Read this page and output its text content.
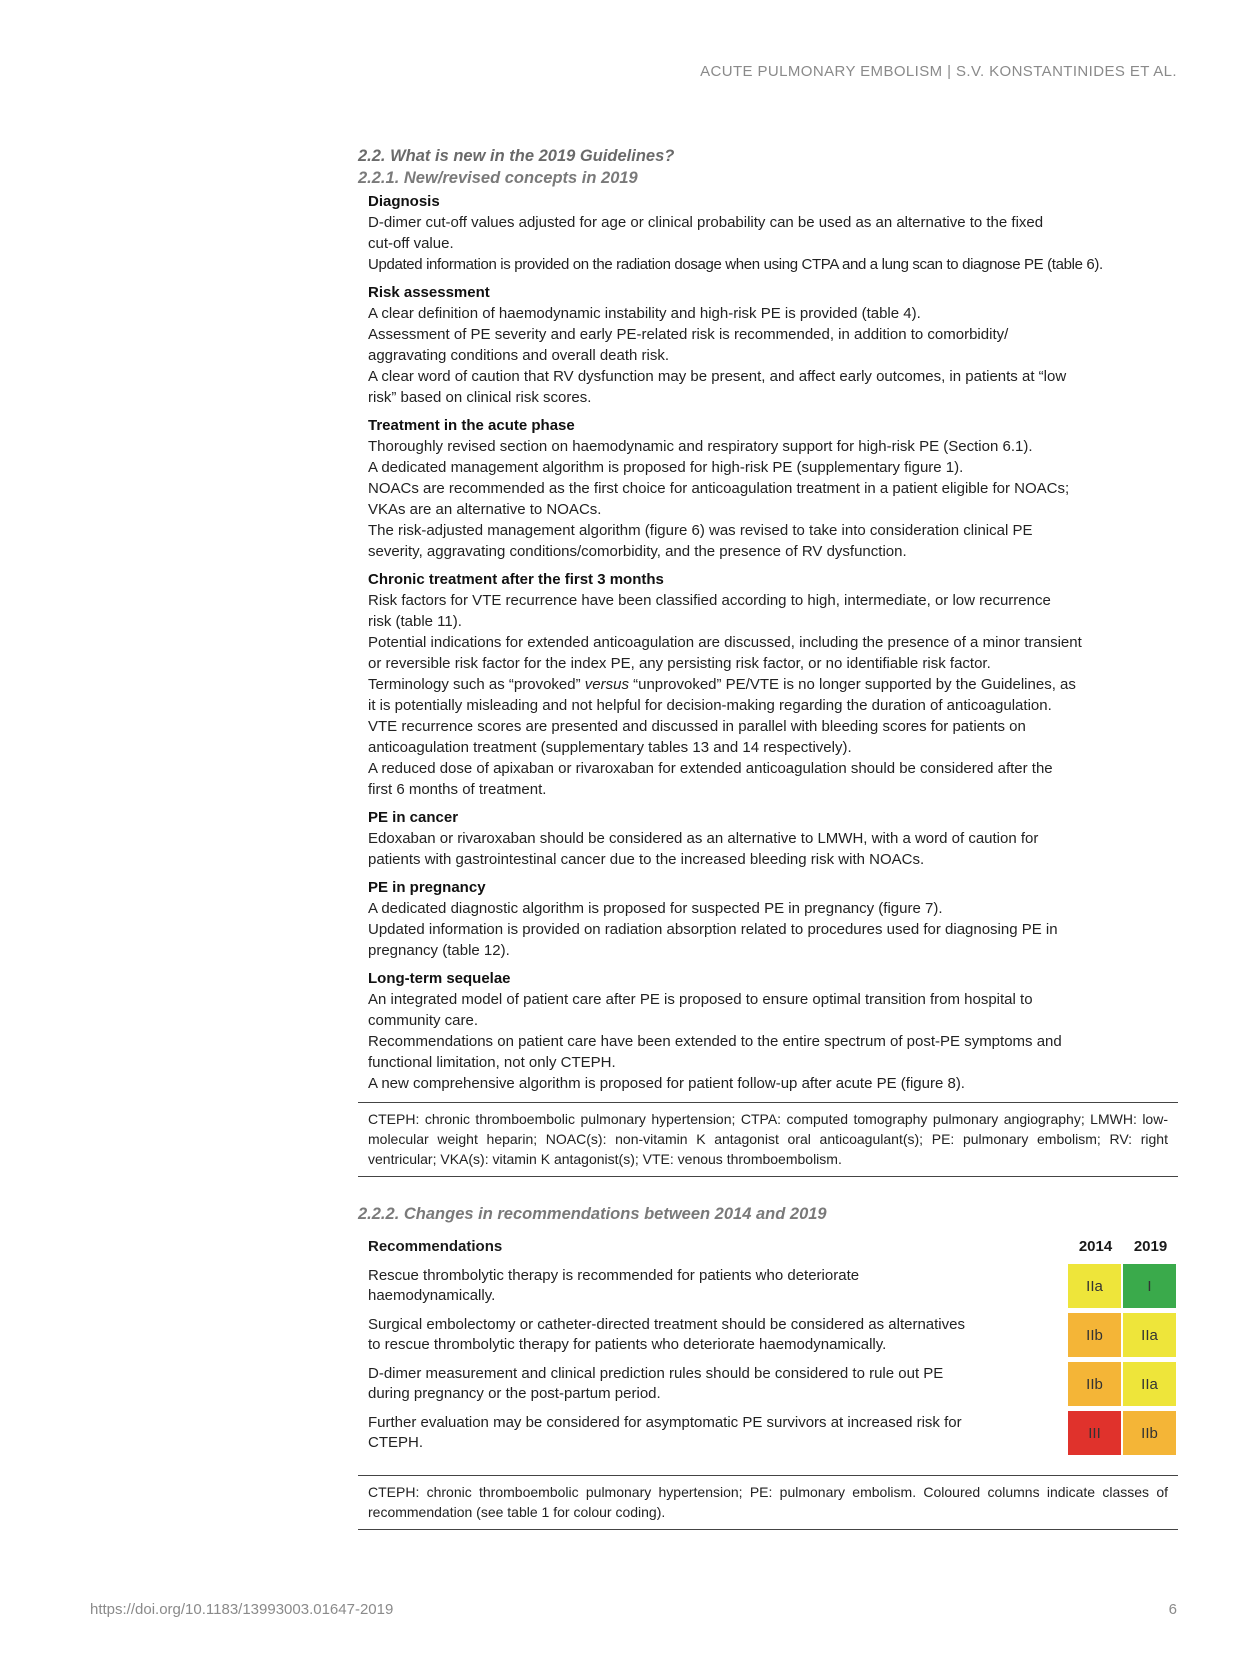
ACUTE PULMONARY EMBOLISM | S.V. KONSTANTINIDES ET AL.
2.2. What is new in the 2019 Guidelines?
2.2.1. New/revised concepts in 2019
Diagnosis
D-dimer cut-off values adjusted for age or clinical probability can be used as an alternative to the fixed
cut-off value.
Updated information is provided on the radiation dosage when using CTPA and a lung scan to diagnose PE (table 6).
Risk assessment
A clear definition of haemodynamic instability and high-risk PE is provided (table 4).
Assessment of PE severity and early PE-related risk is recommended, in addition to comorbidity/
aggravating conditions and overall death risk.
A clear word of caution that RV dysfunction may be present, and affect early outcomes, in patients at “low
risk” based on clinical risk scores.
Treatment in the acute phase
Thoroughly revised section on haemodynamic and respiratory support for high-risk PE (Section 6.1).
A dedicated management algorithm is proposed for high-risk PE (supplementary figure 1).
NOACs are recommended as the first choice for anticoagulation treatment in a patient eligible for NOACs;
VKAs are an alternative to NOACs.
The risk-adjusted management algorithm (figure 6) was revised to take into consideration clinical PE
severity, aggravating conditions/comorbidity, and the presence of RV dysfunction.
Chronic treatment after the first 3 months
Risk factors for VTE recurrence have been classified according to high, intermediate, or low recurrence
risk (table 11).
Potential indications for extended anticoagulation are discussed, including the presence of a minor transient
or reversible risk factor for the index PE, any persisting risk factor, or no identifiable risk factor.
Terminology such as “provoked” versus “unprovoked” PE/VTE is no longer supported by the Guidelines, as
it is potentially misleading and not helpful for decision-making regarding the duration of anticoagulation.
VTE recurrence scores are presented and discussed in parallel with bleeding scores for patients on
anticoagulation treatment (supplementary tables 13 and 14 respectively).
A reduced dose of apixaban or rivaroxaban for extended anticoagulation should be considered after the
first 6 months of treatment.
PE in cancer
Edoxaban or rivaroxaban should be considered as an alternative to LMWH, with a word of caution for
patients with gastrointestinal cancer due to the increased bleeding risk with NOACs.
PE in pregnancy
A dedicated diagnostic algorithm is proposed for suspected PE in pregnancy (figure 7).
Updated information is provided on radiation absorption related to procedures used for diagnosing PE in
pregnancy (table 12).
Long-term sequelae
An integrated model of patient care after PE is proposed to ensure optimal transition from hospital to
community care.
Recommendations on patient care have been extended to the entire spectrum of post-PE symptoms and
functional limitation, not only CTEPH.
A new comprehensive algorithm is proposed for patient follow-up after acute PE (figure 8).
CTEPH: chronic thromboembolic pulmonary hypertension; CTPA: computed tomography pulmonary angiography; LMWH: low-molecular weight heparin; NOAC(s): non-vitamin K antagonist oral anticoagulant(s); PE: pulmonary embolism; RV: right ventricular; VKA(s): vitamin K antagonist(s); VTE: venous thromboembolism.
2.2.2. Changes in recommendations between 2014 and 2019
Recommendations	2014	2019
Rescue thrombolytic therapy is recommended for patients who deteriorate
haemodynamically.
IIa	I
Surgical embolectomy or catheter-directed treatment should be considered as alternatives
to rescue thrombolytic therapy for patients who deteriorate haemodynamically.
IIb	IIa
D-dimer measurement and clinical prediction rules should be considered to rule out PE
during pregnancy or the post-partum period.
IIb	IIa
Further evaluation may be considered for asymptomatic PE survivors at increased risk for
CTEPH.
III	IIb
CTEPH: chronic thromboembolic pulmonary hypertension; PE: pulmonary embolism. Coloured columns indicate classes of recommendation (see table 1 for colour coding).
https://doi.org/10.1183/13993003.01647-2019	6
